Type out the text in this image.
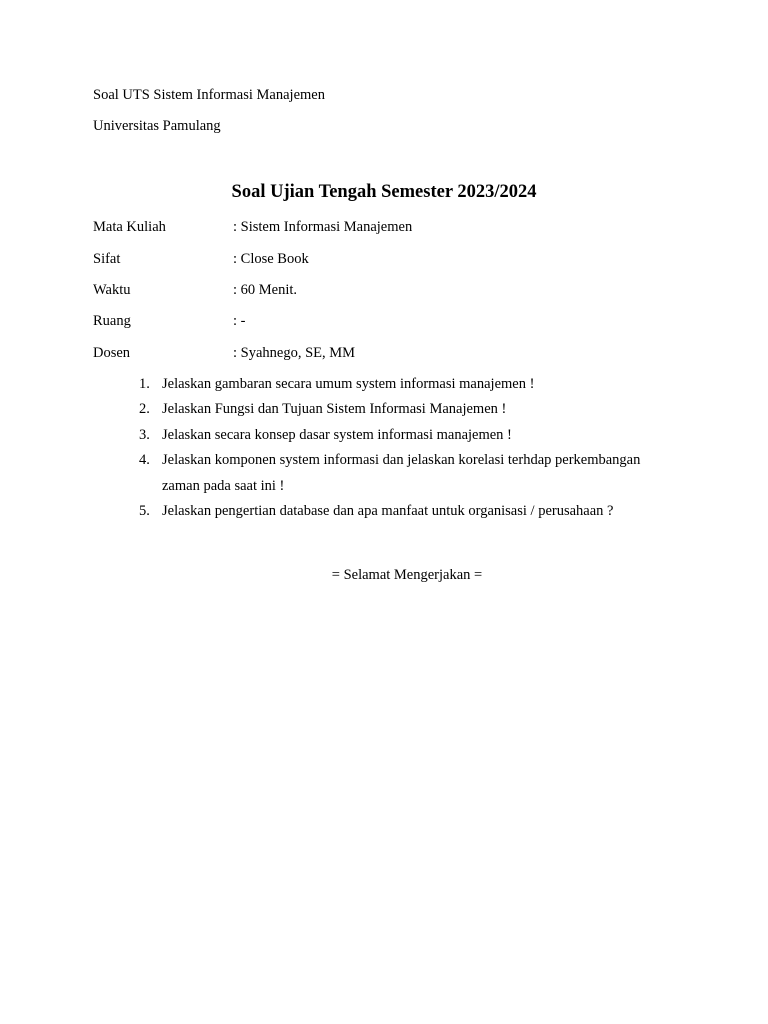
Soal UTS Sistem Informasi Manajemen
Universitas Pamulang
Soal Ujian Tengah Semester 2023/2024
Mata Kuliah	: Sistem Informasi Manajemen
Sifat	: Close Book
Waktu	: 60 Menit.
Ruang	: -
Dosen	: Syahnego, SE, MM
1. Jelaskan gambaran secara umum system informasi manajemen !
2. Jelaskan Fungsi dan Tujuan Sistem Informasi Manajemen !
3. Jelaskan secara konsep dasar system informasi manajemen !
4. Jelaskan komponen system informasi dan jelaskan korelasi terhdap perkembangan
zaman pada saat ini !
5. Jelaskan pengertian database dan apa manfaat untuk organisasi / perusahaan ?
= Selamat Mengerjakan =
